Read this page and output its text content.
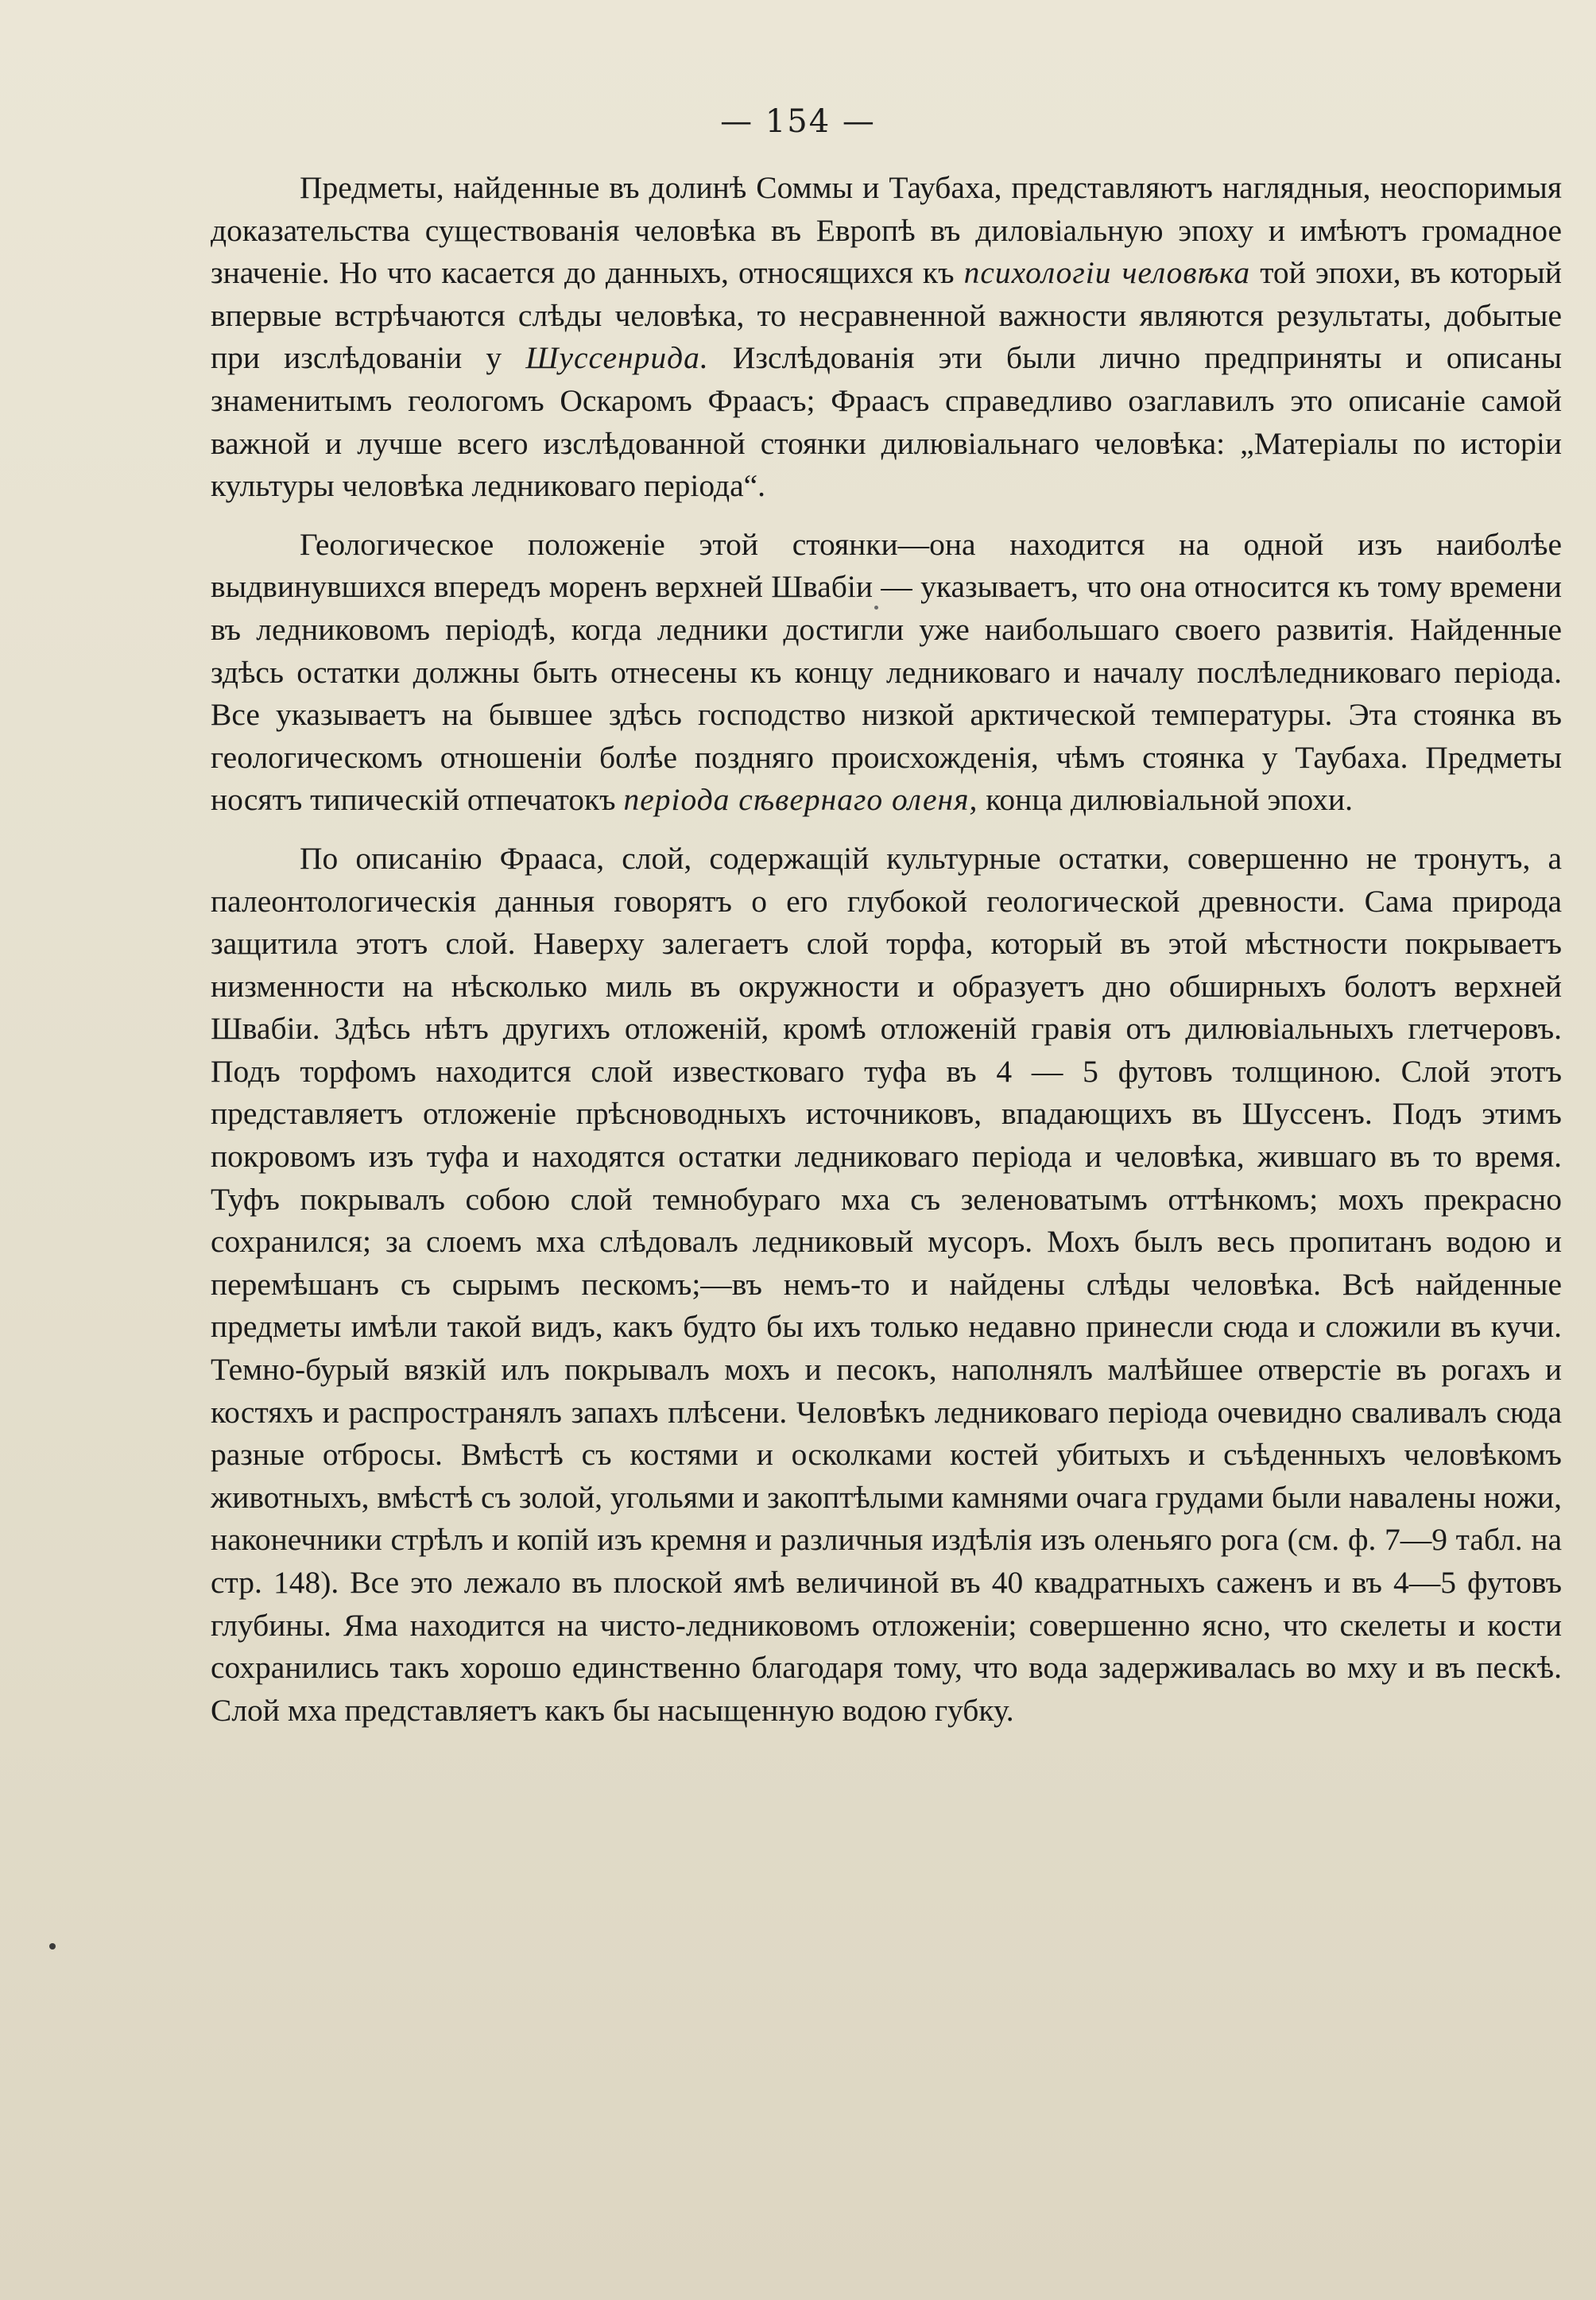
— 154 —

Предметы, найденные въ долинѣ Соммы и Таубаха, представляютъ наглядныя, неоспоримыя доказательства существованія человѣка въ Европѣ въ диловіальную эпоху и имѣютъ громадное значеніе. Но что касается до данныхъ, относящихся къ психологіи человѣка той эпохи, въ который впервые встрѣчаются слѣды человѣка, то несравненной важности являются результаты, добытые при изслѣдованіи у Шуссенрида. Изслѣдованія эти были лично предприняты и описаны знаменитымъ геологомъ Оскаромъ Фраасъ; Фраасъ справедливо озаглавилъ это описаніе самой важной и лучше всего изслѣдованной стоянки дилювіальнаго человѣка: „Матеріалы по исторіи культуры человѣка ледниковаго періода“.

Геологическое положеніе этой стоянки—она находится на одной изъ наиболѣе выдвинувшихся впередъ моренъ верхней Швабіи — указываетъ, что она относится къ тому времени въ ледниковомъ періодѣ, когда ледники достигли уже наибольшаго своего развитія. Найденные здѣсь остатки должны быть отнесены къ концу ледниковаго и началу послѣледниковаго періода. Все указываетъ на бывшее здѣсь господство низкой арктической температуры. Эта стоянка въ геологическомъ отношеніи болѣе поздняго происхожденія, чѣмъ стоянка у Таубаха. Предметы носятъ типическій отпечатокъ періода сѣвернаго оленя, конца дилювіальной эпохи.

По описанію Фрааса, слой, содержащій культурные остатки, совершенно не тронутъ, а палеонтологическія данныя говорятъ о его глубокой геологической древности. Сама природа защитила этотъ слой. Наверху залегаетъ слой торфа, который въ этой мѣстности покрываетъ низменности на нѣсколько миль въ окружности и образуетъ дно обширныхъ болотъ верхней Швабіи. Здѣсь нѣтъ другихъ отложеній, кромѣ отложеній гравія отъ дилювіальныхъ глетчеровъ. Подъ торфомъ находится слой известковаго туфа въ 4 — 5 футовъ толщиною. Слой этотъ представляетъ отложеніе прѣсноводныхъ источниковъ, впадающихъ въ Шуссенъ. Подъ этимъ покровомъ изъ туфа и находятся остатки ледниковаго періода и человѣка, жившаго въ то время. Туфъ покрывалъ собою слой темнобураго мха съ зеленоватымъ оттѣнкомъ; мохъ прекрасно сохранился; за слоемъ мха слѣдовалъ ледниковый мусоръ. Мохъ былъ весь пропитанъ водою и перемѣшанъ съ сырымъ пескомъ;—въ немъ-то и найдены слѣды человѣка. Всѣ найденные предметы имѣли такой видъ, какъ будто бы ихъ только недавно принесли сюда и сложили въ кучи. Темно-бурый вязкій илъ покрывалъ мохъ и песокъ, наполнялъ малѣйшее отверстіе въ рогахъ и костяхъ и распространялъ запахъ плѣсени. Человѣкъ ледниковаго періода очевидно сваливалъ сюда разные отбросы. Вмѣстѣ съ костями и осколками костей убитыхъ и съѣденныхъ человѣкомъ животныхъ, вмѣстѣ съ золой, угольями и закоптѣлыми камнями очага грудами были навалены ножи, наконечники стрѣлъ и копій изъ кремня и различныя издѣлія изъ оленьяго рога (см. ф. 7—9 табл. на стр. 148). Все это лежало въ плоской ямѣ величиной въ 40 квадратныхъ саженъ и въ 4—5 футовъ глубины. Яма находится на чисто-ледниковомъ отложеніи; совершенно ясно, что скелеты и кости сохранились такъ хорошо единственно благодаря тому, что вода задерживалась во мху и въ пескѣ. Слой мха представляетъ какъ бы насыщенную водою губку.
